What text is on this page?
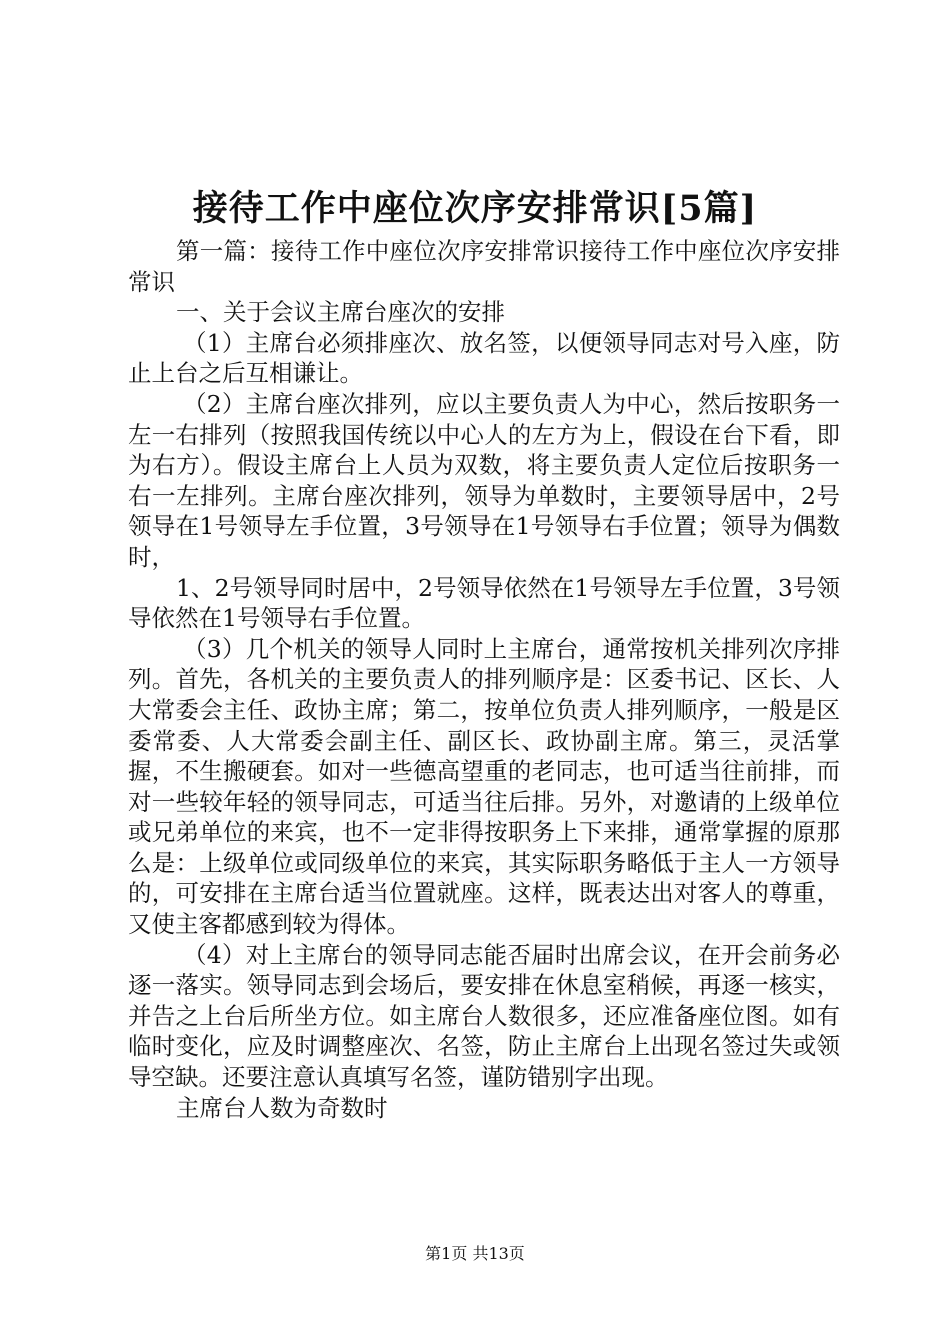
接待工作中座位次序安排常识[5篇]

第一篇：接待工作中座位次序安排常识接待工作中座位次序安排常识

一、关于会议主席台座次的安排

（1）主席台必须排座次、放名签，以便领导同志对号入座，防止上台之后互相谦让。

（2）主席台座次排列，应以主要负责人为中心，然后按职务一左一右排列（按照我国传统以中心人的左方为上，假设在台下看，即为右方）。假设主席台上人员为双数，将主要负责人定位后按职务一右一左排列。主席台座次排列，领导为单数时，主要领导居中，2号领导在1号领导左手位置，3号领导在1号领导右手位置；领导为偶数时，

1、2号领导同时居中，2号领导依然在1号领导左手位置，3号领导依然在1号领导右手位置。

（3）几个机关的领导人同时上主席台，通常按机关排列次序排列。首先，各机关的主要负责人的排列顺序是：区委书记、区长、人大常委会主任、政协主席；第二，按单位负责人排列顺序，一般是区委常委、人大常委会副主任、副区长、政协副主席。第三，灵活掌握，不生搬硬套。如对一些德高望重的老同志，也可适当往前排，而对一些较年轻的领导同志，可适当往后排。另外，对邀请的上级单位或兄弟单位的来宾，也不一定非得按职务上下来排，通常掌握的原那么是：上级单位或同级单位的来宾，其实际职务略低于主人一方领导的，可安排在主席台适当位置就座。这样，既表达出对客人的尊重，又使主客都感到较为得体。

（4）对上主席台的领导同志能否届时出席会议，在开会前务必逐一落实。领导同志到会场后，要安排在休息室稍候，再逐一核实，并告之上台后所坐方位。如主席台人数很多，还应准备座位图。如有临时变化，应及时调整座次、名签，防止主席台上出现名签过失或领导空缺。还要注意认真填写名签，谨防错别字出现。

主席台人数为奇数时

第1页 共13页
